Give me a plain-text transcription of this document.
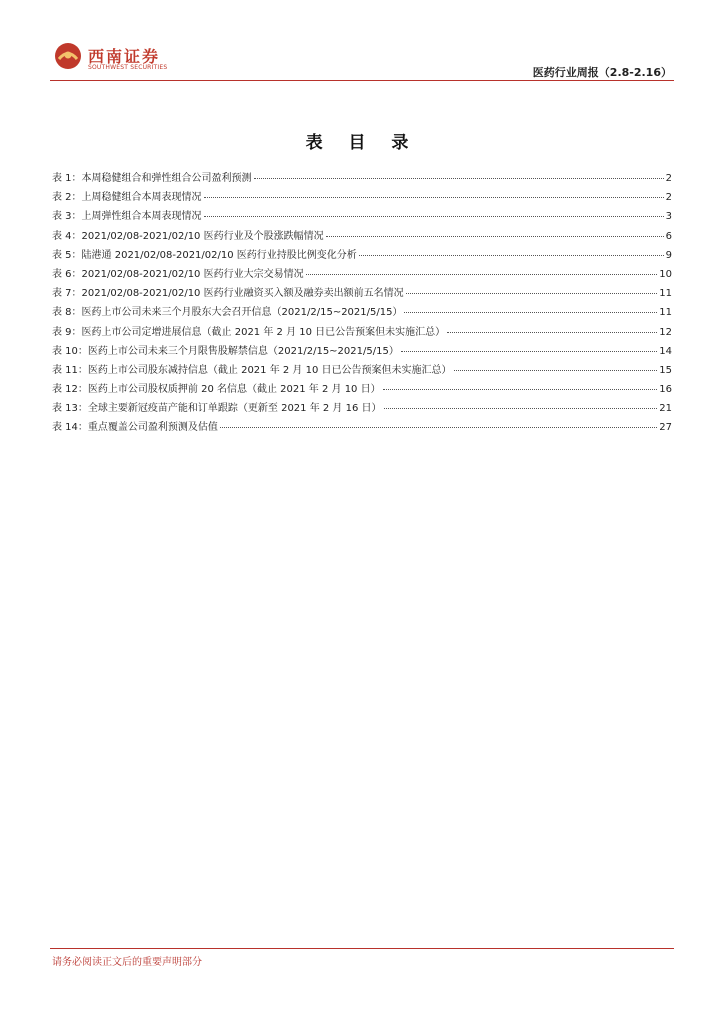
西南证券
SOUTHWEST SECURITIES	医药行业周报（2.8-2.16）
表 目 录
表 1：本周稳健组合和弹性组合公司盈利预测	2
表 2：上周稳健组合本周表现情况	2
表 3：上周弹性组合本周表现情况	3
表 4：2021/02/08-2021/02/10 医药行业及个股涨跌幅情况	6
表 5：陆港通 2021/02/08-2021/02/10 医药行业持股比例变化分析	9
表 6：2021/02/08-2021/02/10 医药行业大宗交易情况	10
表 7：2021/02/08-2021/02/10 医药行业融资买入额及融券卖出额前五名情况	11
表 8：医药上市公司未来三个月股东大会召开信息（2021/2/15~2021/5/15）	11
表 9：医药上市公司定增进展信息（截止 2021 年 2 月 10 日已公告预案但未实施汇总）	12
表 10：医药上市公司未来三个月限售股解禁信息（2021/2/15~2021/5/15）	14
表 11：医药上市公司股东减持信息（截止 2021 年 2 月 10 日已公告预案但未实施汇总）	15
表 12：医药上市公司股权质押前 20 名信息（截止 2021 年 2 月 10 日）	16
表 13：全球主要新冠疫苗产能和订单跟踪（更新至 2021 年 2 月 16 日）	21
表 14：重点覆盖公司盈利预测及估值	27
请务必阅读正文后的重要声明部分
